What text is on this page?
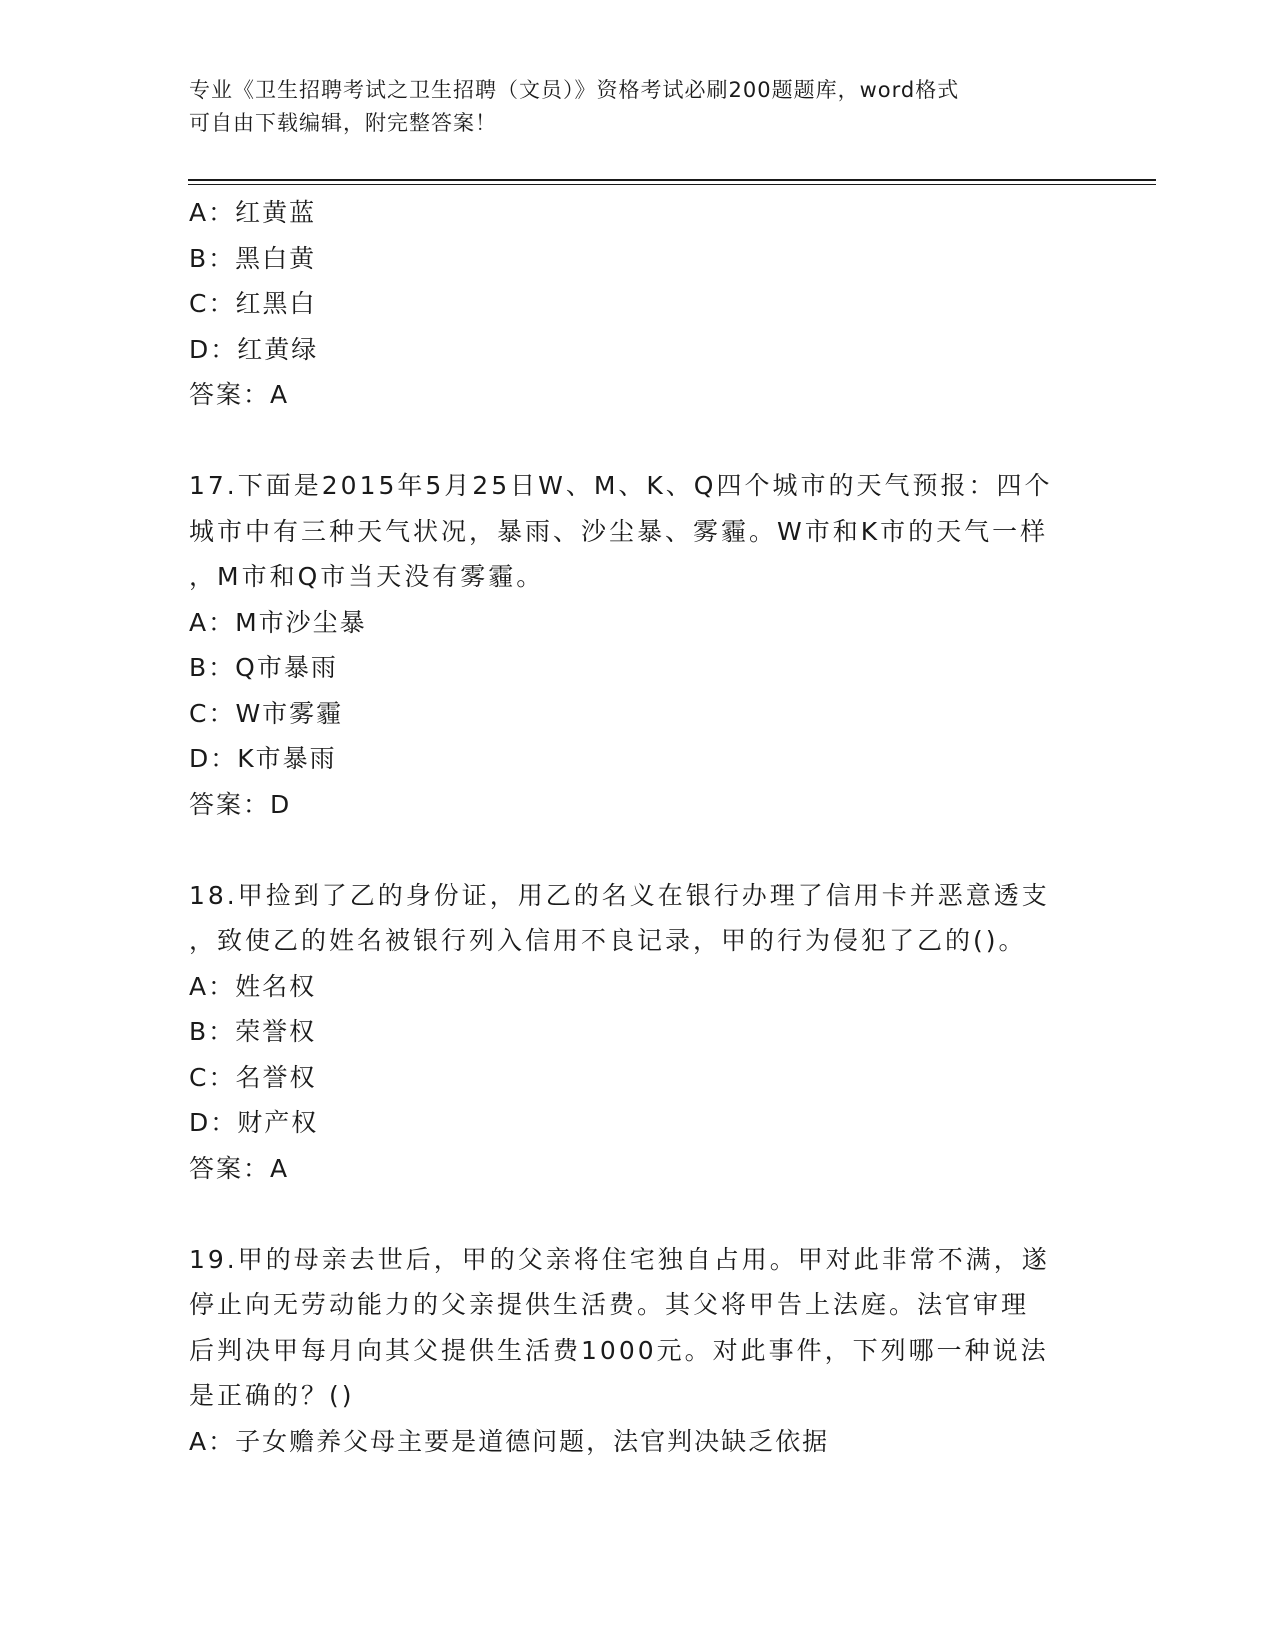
专业《卫生招聘考试之卫生招聘（文员）》资格考试必刷200题题库，word格式
可自由下载编辑，附完整答案！
A：红黄蓝
B：黑白黄
C：红黑白
D：红黄绿
答案：A
17.下面是2015年5月25日W、M、K、Q四个城市的天气预报：四个
城市中有三种天气状况，暴雨、沙尘暴、雾霾。W市和K市的天气一样
，M市和Q市当天没有雾霾。
A：M市沙尘暴
B：Q市暴雨
C：W市雾霾
D：K市暴雨
答案：D
18.甲捡到了乙的身份证，用乙的名义在银行办理了信用卡并恶意透支
，致使乙的姓名被银行列入信用不良记录，甲的行为侵犯了乙的()。
A：姓名权
B：荣誉权
C：名誉权
D：财产权
答案：A
19.甲的母亲去世后，甲的父亲将住宅独自占用。甲对此非常不满，遂
停止向无劳动能力的父亲提供生活费。其父将甲告上法庭。法官审理
后判决甲每月向其父提供生活费1000元。对此事件，下列哪一种说法
是正确的？()
A：子女赡养父母主要是道德问题，法官判决缺乏依据
